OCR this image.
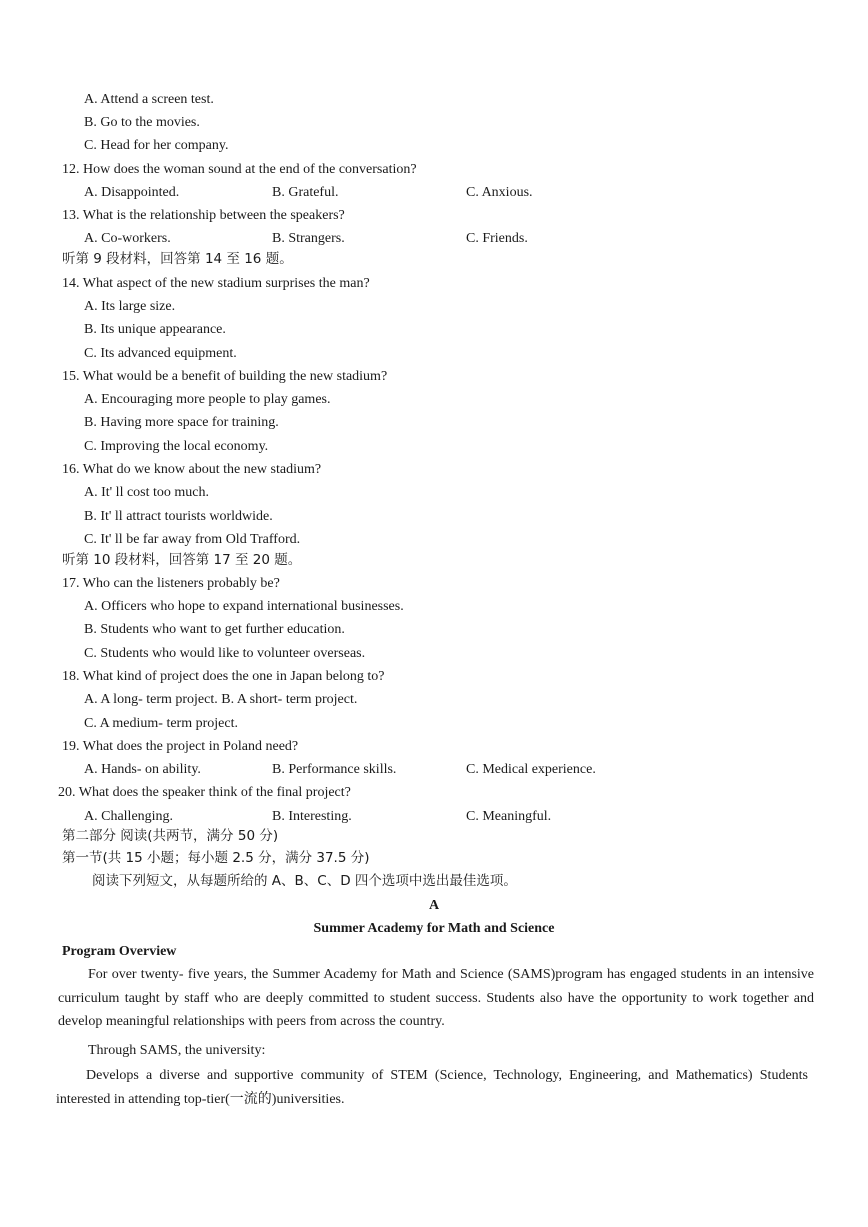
A. Attend a screen test.
B. Go to the movies.
C. Head for her company.
12. How does the woman sound at the end of the conversation?
A. Disappointed.	B. Grateful.	C. Anxious.
13. What is the relationship between the speakers?
A. Co-workers.	B. Strangers.	C. Friends.
听第 9 段材料，回答第 14 至 16 题。
14. What aspect of the new stadium surprises the man?
A. Its large size.
B. Its unique appearance.
C. Its advanced equipment.
15. What would be a benefit of building the new stadium?
A. Encouraging more people to play games.
B. Having more space for training.
C. Improving the local economy.
16. What do we know about the new stadium?
A. It' ll cost too much.
B. It' ll attract tourists worldwide.
C. It' ll be far away from Old Trafford.
听第 10 段材料，回答第 17 至 20 题。
17. Who can the listeners probably be?
A. Officers who hope to expand international businesses.
B. Students who want to get further education.
C. Students who would like to volunteer overseas.
18. What kind of project does the one in Japan belong to?
A. A long- term project. B. A short- term project.
C. A medium- term project.
19. What does the project in Poland need?
A. Hands- on ability.	B. Performance skills.	C. Medical experience.
20. What does the speaker think of the final project?
A. Challenging.	B. Interesting.	C. Meaningful.
第二部分 阅读(共两节，满分 50 分)
第一节(共 15 小题；每小题 2.5 分，满分 37.5 分)
阅读下列短文，从每题所给的 A、B、C、D 四个选项中选出最佳选项。
A
Summer Academy for Math and Science
Program Overview
For over twenty- five years, the Summer Academy for Math and Science (SAMS)program has engaged students in an intensive curriculum taught by staff who are deeply committed to student success. Students also have the opportunity to work together and develop meaningful relationships with peers from across the country.
Through SAMS, the university:
Develops a diverse and supportive community of STEM (Science, Technology, Engineering, and Mathematics) Students interested in attending top-tier(一流的)universities.
